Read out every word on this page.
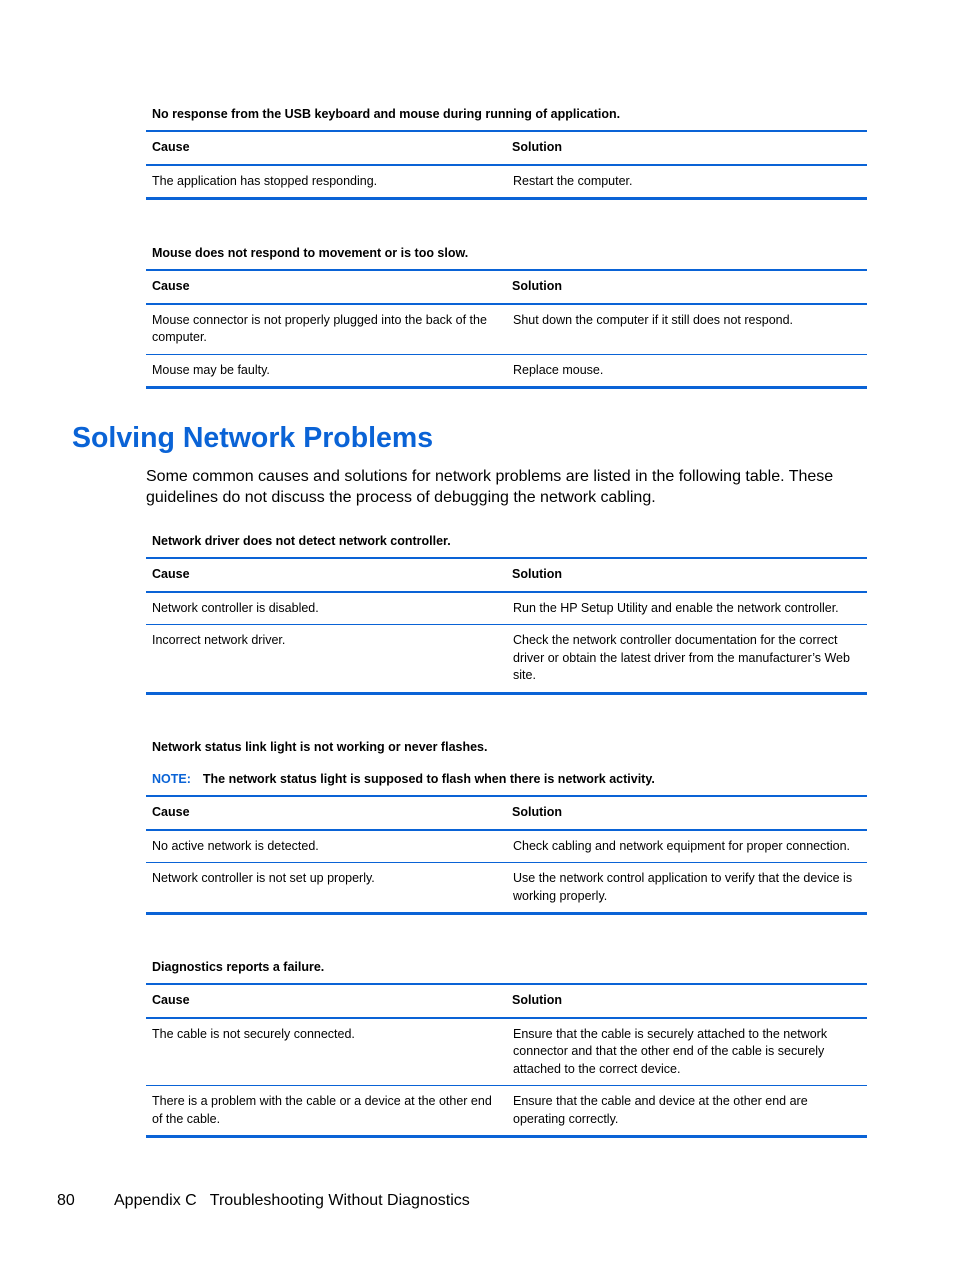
No response from the USB keyboard and mouse during running of application.
Cause	Solution
The application has stopped responding.	Restart the computer.
Mouse does not respond to movement or is too slow.
Cause	Solution
Mouse connector is not properly plugged into the back of the computer.	Shut down the computer if it still does not respond.
Mouse may be faulty.	Replace mouse.
Solving Network Problems

Some common causes and solutions for network problems are listed in the following table. These guidelines do not discuss the process of debugging the network cabling.

Network driver does not detect network controller.
Cause	Solution
Network controller is disabled.	Run the HP Setup Utility and enable the network controller.
Incorrect network driver.	Check the network controller documentation for the correct driver or obtain the latest driver from the manufacturer’s Web site.
Network status link light is not working or never flashes.
NOTE: The network status light is supposed to flash when there is network activity.
Cause	Solution
No active network is detected.	Check cabling and network equipment for proper connection.
Network controller is not set up properly.	Use the network control application to verify that the device is working properly.
Diagnostics reports a failure.
Cause	Solution
The cable is not securely connected.	Ensure that the cable is securely attached to the network connector and that the other end of the cable is securely attached to the correct device.
There is a problem with the cable or a device at the other end of the cable.	Ensure that the cable and device at the other end are operating correctly.
80 Appendix C Troubleshooting Without Diagnostics
